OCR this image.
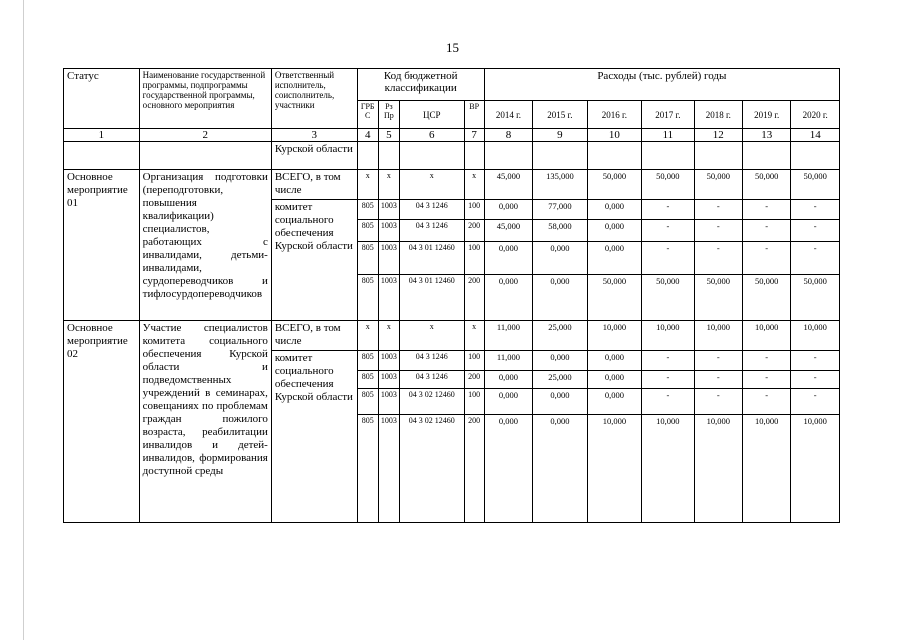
15
Статус	Наименование государственной программы, подпрограммы государственной программы, основного мероприятия	Ответственный исполнитель, соисполнитель, участники	Код бюджетной классификации				Расходы (тыс. рублей) годы						
			ГРБ С	Рз Пр	ЦСР	ВР	2014 г.	2015 г.	2016 г.	2017 г.	2018 г.	2019 г.	2020 г.
1	2	3	4	5	6	7	8	9	10	11	12	13	14
		Курской области											
Основное мероприятие 01	Организация подготовки (переподготовки, повышения квалификации) специалистов, работающих с инвалидами, детьми-инвалидами, сурдопереводчиков и тифлосурдопереводчиков	ВСЕГО, в том числе	х	х	х	х	45,000	135,000	50,000	50,000	50,000	50,000	50,000
		комитет социального обеспечения Курской области	805	1003	04 3 1246	100	0,000	77,000	0,000	-	-	-	-
			805	1003	04 3 1246	200	45,000	58,000	0,000	-	-	-	-
			805	1003	04 3 01 12460	100	0,000	0,000	0,000	-	-	-	-
			805	1003	04 3 01 12460	200	0,000	0,000	50,000	50,000	50,000	50,000	50,000
Основное мероприятие 02	Участие специалистов комитета социального обеспечения Курской области и подведомственных учреждений в семинарах, совещаниях по проблемам граждан пожилого возраста, реабилитации инвалидов и детей-инвалидов, формирования доступной среды	ВСЕГО, в том числе	х	х	х	х	11,000	25,000	10,000	10,000	10,000	10,000	10,000
		комитет социального обеспечения Курской области	805	1003	04 3 1246	100	11,000	0,000	0,000	-	-	-	-
			805	1003	04 3 1246	200	0,000	25,000	0,000	-	-	-	-
			805	1003	04 3 02 12460	100	0,000	0,000	0,000	-	-	-	-
			805	1003	04 3 02 12460	200	0,000	0,000	10,000	10,000	10,000	10,000	10,000
